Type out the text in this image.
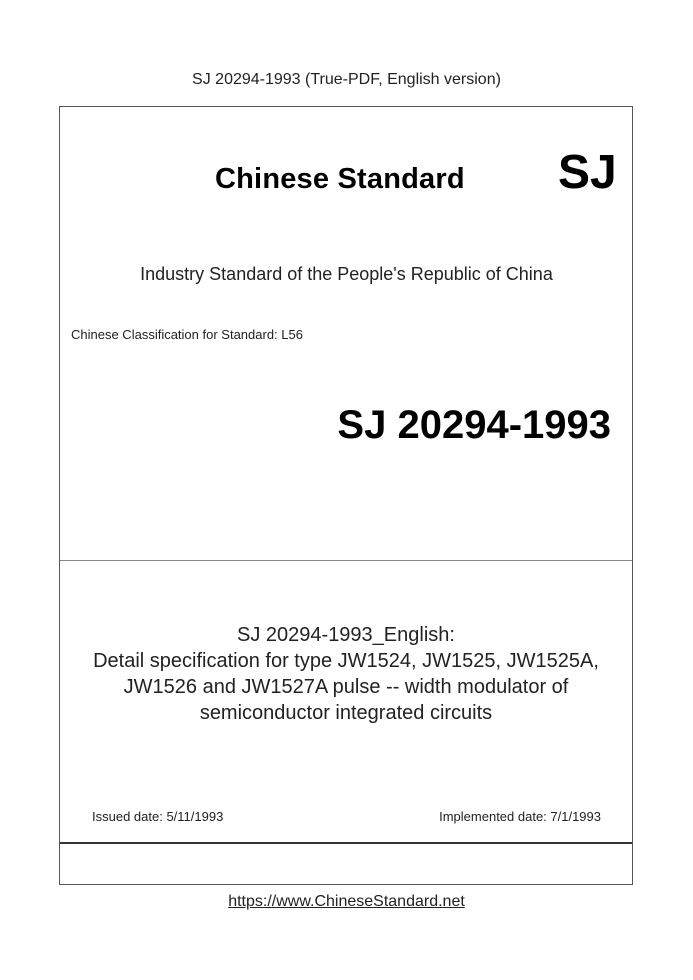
SJ 20294-1993 (True-PDF, English version)
Chinese Standard SJ
Industry Standard of the People's Republic of China
Chinese Classification for Standard: L56
SJ 20294-1993
SJ 20294-1993_English:
Detail specification for type JW1524, JW1525, JW1525A,
JW1526 and JW1527A pulse -- width modulator of
semiconductor integrated circuits
Issued date: 5/11/1993	Implemented date: 7/1/1993
https://www.ChineseStandard.net
